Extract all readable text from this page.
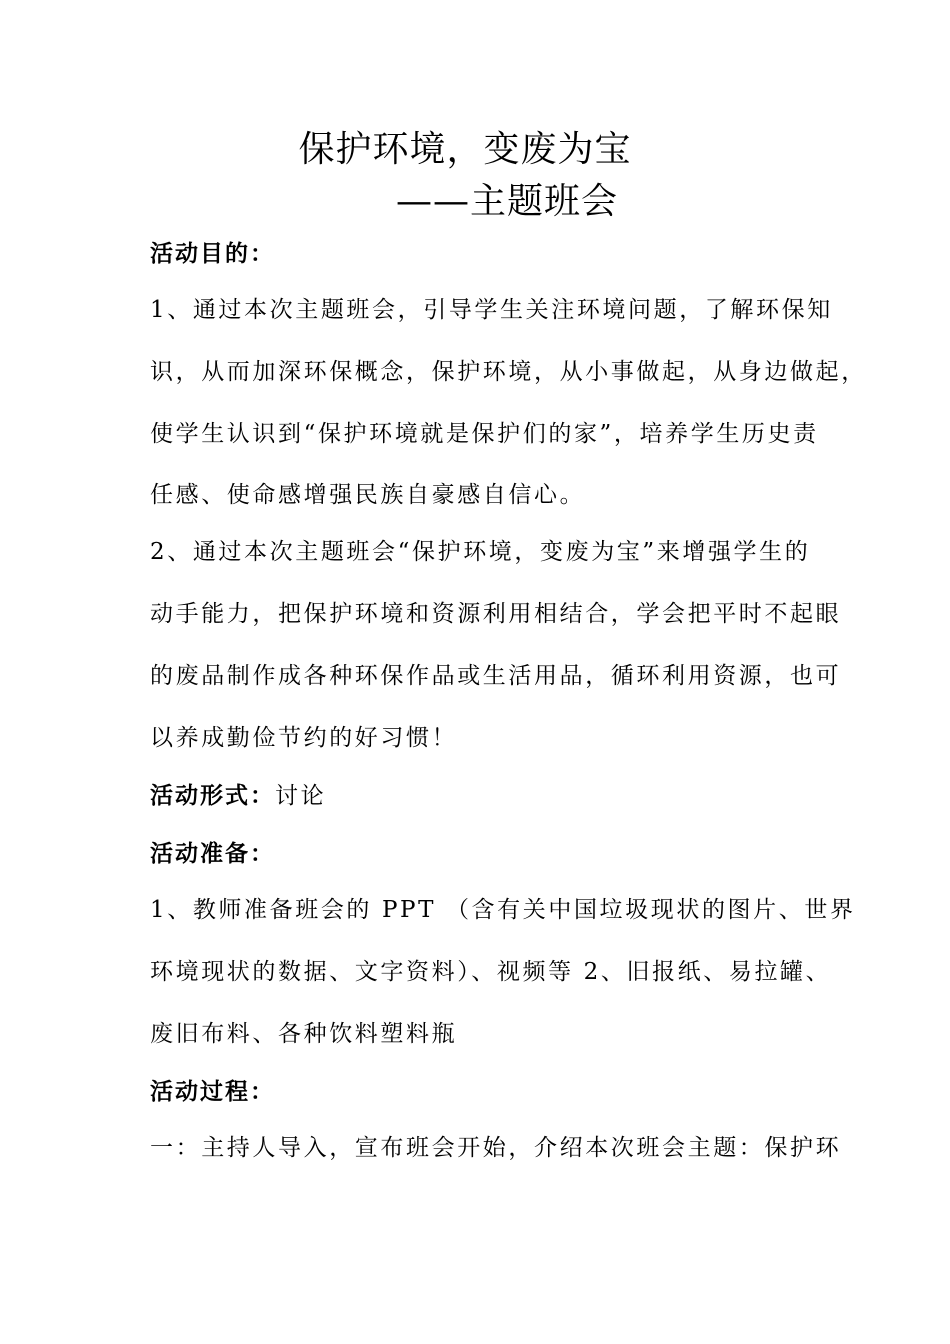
保护环境，变废为宝
——主题班会
活动目的：
1、通过本次主题班会，引导学生关注环境问题，了解环保知
识，从而加深环保概念，保护环境，从小事做起，从身边做起，
使学生认识到“保护环境就是保护们的家”，培养学生历史责
任感、使命感增强民族自豪感自信心。
2、通过本次主题班会“保护环境，变废为宝”来增强学生的
动手能力，把保护环境和资源利用相结合，学会把平时不起眼
的废品制作成各种环保作品或生活用品，循环利用资源，也可
以养成勤俭节约的好习惯！
活动形式：讨论
活动准备：
1、教师准备班会的 PPT （含有关中国垃圾现状的图片、世界
环境现状的数据、文字资料）、视频等 2、旧报纸、易拉罐、
废旧布料、各种饮料塑料瓶
活动过程：
一：主持人导入，宣布班会开始，介绍本次班会主题：保护环
